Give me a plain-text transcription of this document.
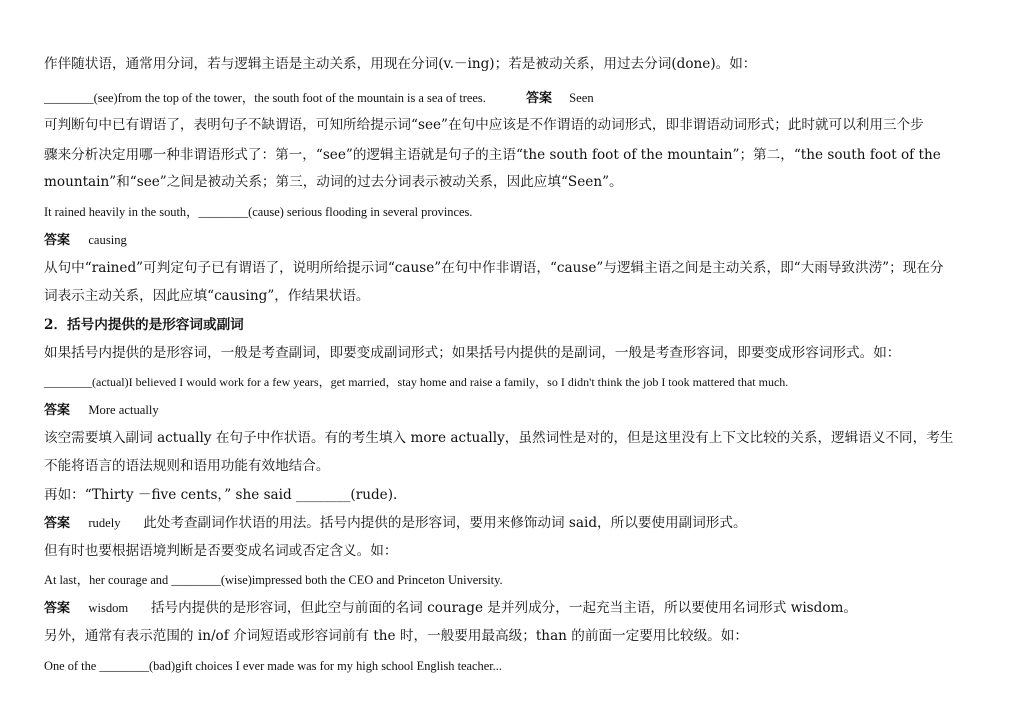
作伴随状语，通常用分词，若与逻辑主语是主动关系，用现在分词(v.－ing)；若是被动关系，用过去分词(done)。如：
________(see)from the top of the tower，the south foot of the mountain is a sea of trees.	答案 Seen
可判断句中已有谓语了，表明句子不缺谓语，可知所给提示词“see”在句中应该是不作谓语的动词形式，即非谓语动词形式；此时就可以利用三个步
骤来分析决定用哪一种非谓语形式了：第一，“see”的逻辑主语就是句子的主语“the south foot of the mountain”；第二，“the south foot of the
mountain”和“see”之间是被动关系；第三，动词的过去分词表示被动关系，因此应填“Seen”。
It rained heavily in the south，________(cause) serious flooding in several provinces.
答案 causing
从句中“rained”可判定句子已有谓语了，说明所给提示词“cause”在句中作非谓语，“cause”与逻辑主语之间是主动关系，即“大雨导致洪涝”；现在分
词表示主动关系，因此应填“causing”，作结果状语。
2．括号内提供的是形容词或副词
如果括号内提供的是形容词，一般是考查副词，即要变成副词形式；如果括号内提供的是副词，一般是考查形容词，即要变成形容词形式。如：
________(actual)I believed I would work for a few years，get married，stay home and raise a family，so I didn't think the job I took mattered that much.
答案 More actually
该空需要填入副词 actually 在句子中作状语。有的考生填入 more actually，虽然词性是对的，但是这里没有上下文比较的关系，逻辑语义不同，考生
不能将语言的语法规则和语用功能有效地结合。
再如：“Thirty －five cents，” she said ________(rude).
答案 rudely 此处考查副词作状语的用法。括号内提供的是形容词，要用来修饰动词 said，所以要使用副词形式。
但有时也要根据语境判断是否要变成名词或否定含义。如：
At last，her courage and ________(wise)impressed both the CEO and Princeton University.
答案 wisdom 括号内提供的是形容词，但此空与前面的名词 courage 是并列成分，一起充当主语，所以要使用名词形式 wisdom。
另外，通常有表示范围的 in/of 介词短语或形容词前有 the 时，一般要用最高级；than 的前面一定要用比较级。如：
One of the ________(bad)gift choices I ever made was for my high school English teacher...
